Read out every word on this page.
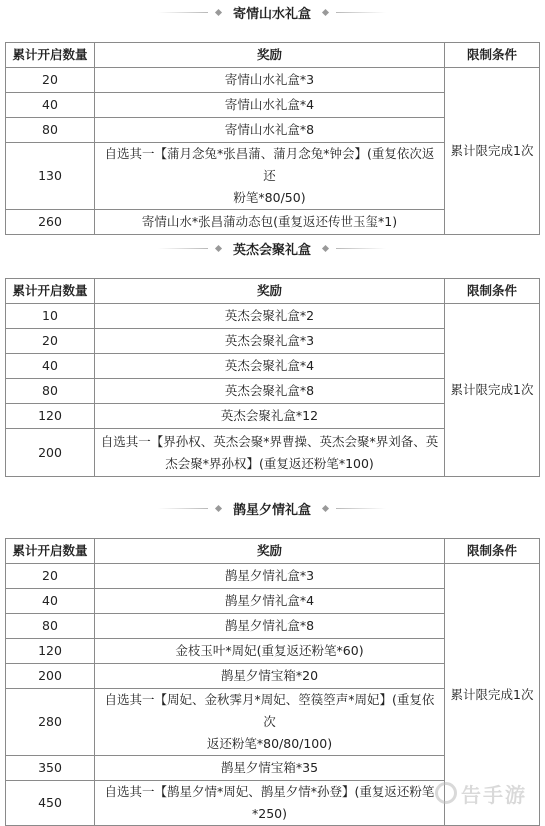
寄情山水礼盒
累计开启数量	奖励	限制条件
20	寄情山水礼盒*3	累计限完成1次
40	寄情山水礼盒*4	
80	寄情山水礼盒*8	
130	自选其一【蒲月念兔*张昌蒲、蒲月念兔*钟会】(重复依次返还
粉笔*80/50)	

260	寄情山水*张昌蒲动态包(重复返还传世玉玺*1)	
英杰会聚礼盒
累计开启数量	奖励	限制条件
10	英杰会聚礼盒*2	累计限完成1次
20	英杰会聚礼盒*3	
40	英杰会聚礼盒*4	
80	英杰会聚礼盒*8	
120	英杰会聚礼盒*12	
200	自选其一【界孙权、英杰会聚*界曹操、英杰会聚*界刘备、英
杰会聚*界孙权】(重复返还粉笔*100)	
鹊星夕情礼盒
累计开启数量	奖励	限制条件
20	鹊星夕情礼盒*3	累计限完成1次
40	鹊星夕情礼盒*4	
80	鹊星夕情礼盒*8	
120	金枝玉叶*周妃(重复返还粉笔*60)	
200	鹊星夕情宝箱*20	
280	自选其一【周妃、金秋霁月*周妃、箜篌箜声*周妃】(重复依次
返还粉笔*80/80/100)	

350	鹊星夕情宝箱*35	
450	自选其一【鹊星夕情*周妃、鹊星夕情*孙登】(重复返还粉笔
*250)	
告手游
